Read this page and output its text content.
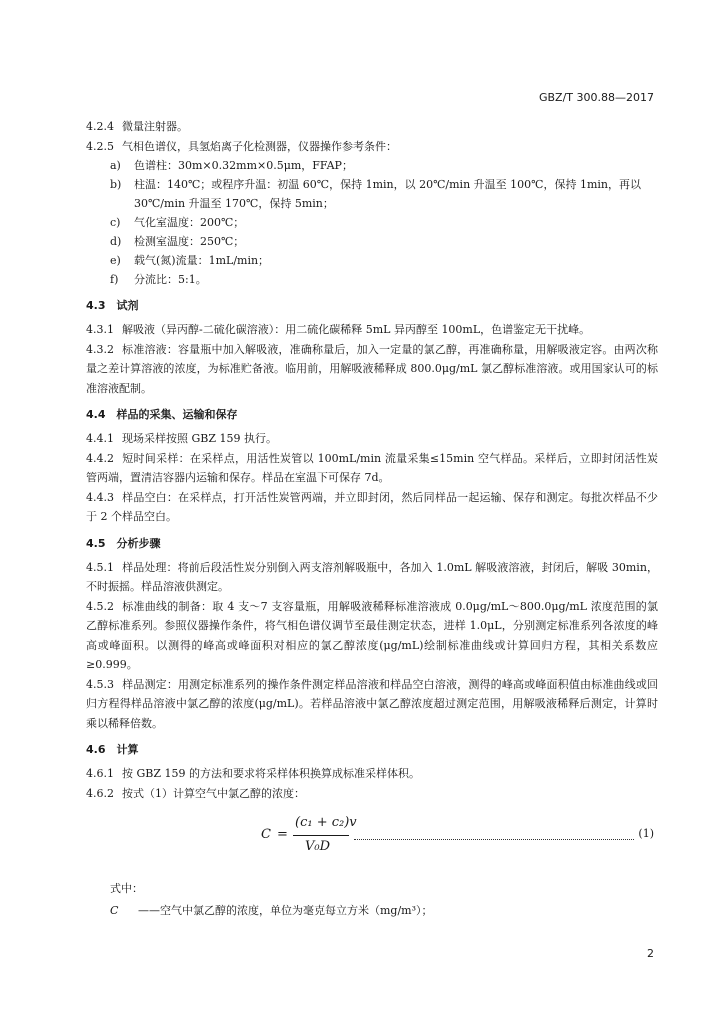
GBZ/T 300.88—2017

4.2.4 微量注射器。

4.2.5 气相色谱仪，具氢焰离子化检测器，仪器操作参考条件：

a)	色谱柱：30m×0.32mm×0.5μm，FFAP；
b)	柱温：140℃；或程序升温：初温 60℃，保持 1min，以 20℃/min 升温至 100℃，保持 1min，再以 30℃/min 升温至 170℃，保持 5min；
c)	气化室温度：200℃；
d)	检测室温度：250℃；
e)	载气(氮)流量：1mL/min；
f)	分流比：5:1。
4.3　试剂

4.3.1 解吸液（异丙醇-二硫化碳溶液）：用二硫化碳稀释 5mL 异丙醇至 100mL，色谱鉴定无干扰峰。

4.3.2 标准溶液：容量瓶中加入解吸液，准确称量后，加入一定量的氯乙醇，再准确称量，用解吸液定容。由两次称量之差计算溶液的浓度，为标准贮备液。临用前，用解吸液稀释成 800.0μg/mL 氯乙醇标准溶液。或用国家认可的标准溶液配制。

4.4　样品的采集、运输和保存

4.4.1 现场采样按照 GBZ 159 执行。

4.4.2 短时间采样：在采样点，用活性炭管以 100mL/min 流量采集≤15min 空气样品。采样后，立即封闭活性炭管两端，置清洁容器内运输和保存。样品在室温下可保存 7d。

4.4.3 样品空白：在采样点，打开活性炭管两端，并立即封闭，然后同样品一起运输、保存和测定。每批次样品不少于 2 个样品空白。

4.5　分析步骤

4.5.1 样品处理：将前后段活性炭分别倒入两支溶剂解吸瓶中，各加入 1.0mL 解吸液溶液，封闭后，解吸 30min，不时振摇。样品溶液供测定。

4.5.2 标准曲线的制备：取 4 支～7 支容量瓶，用解吸液稀释标准溶液成 0.0μg/mL～800.0μg/mL 浓度范围的氯乙醇标准系列。参照仪器操作条件，将气相色谱仪调节至最佳测定状态，进样 1.0μL，分别测定标准系列各浓度的峰高或峰面积。以测得的峰高或峰面积对相应的氯乙醇浓度(μg/mL)绘制标准曲线或计算回归方程，其相关系数应≥0.999。

4.5.3 样品测定：用测定标准系列的操作条件测定样品溶液和样品空白溶液，测得的峰高或峰面积值由标准曲线或回归方程得样品溶液中氯乙醇的浓度(μg/mL)。若样品溶液中氯乙醇浓度超过测定范围，用解吸液稀释后测定，计算时乘以稀释倍数。

4.6　计算

4.6.1 按 GBZ 159 的方法和要求将采样体积换算成标准采样体积。

4.6.2 按式（1）计算空气中氯乙醇的浓度：

C =
(c₁ + c₂)v
V₀D
(1)
式中：
C ——空气中氯乙醇的浓度，单位为毫克每立方米（mg/m³）；
2
